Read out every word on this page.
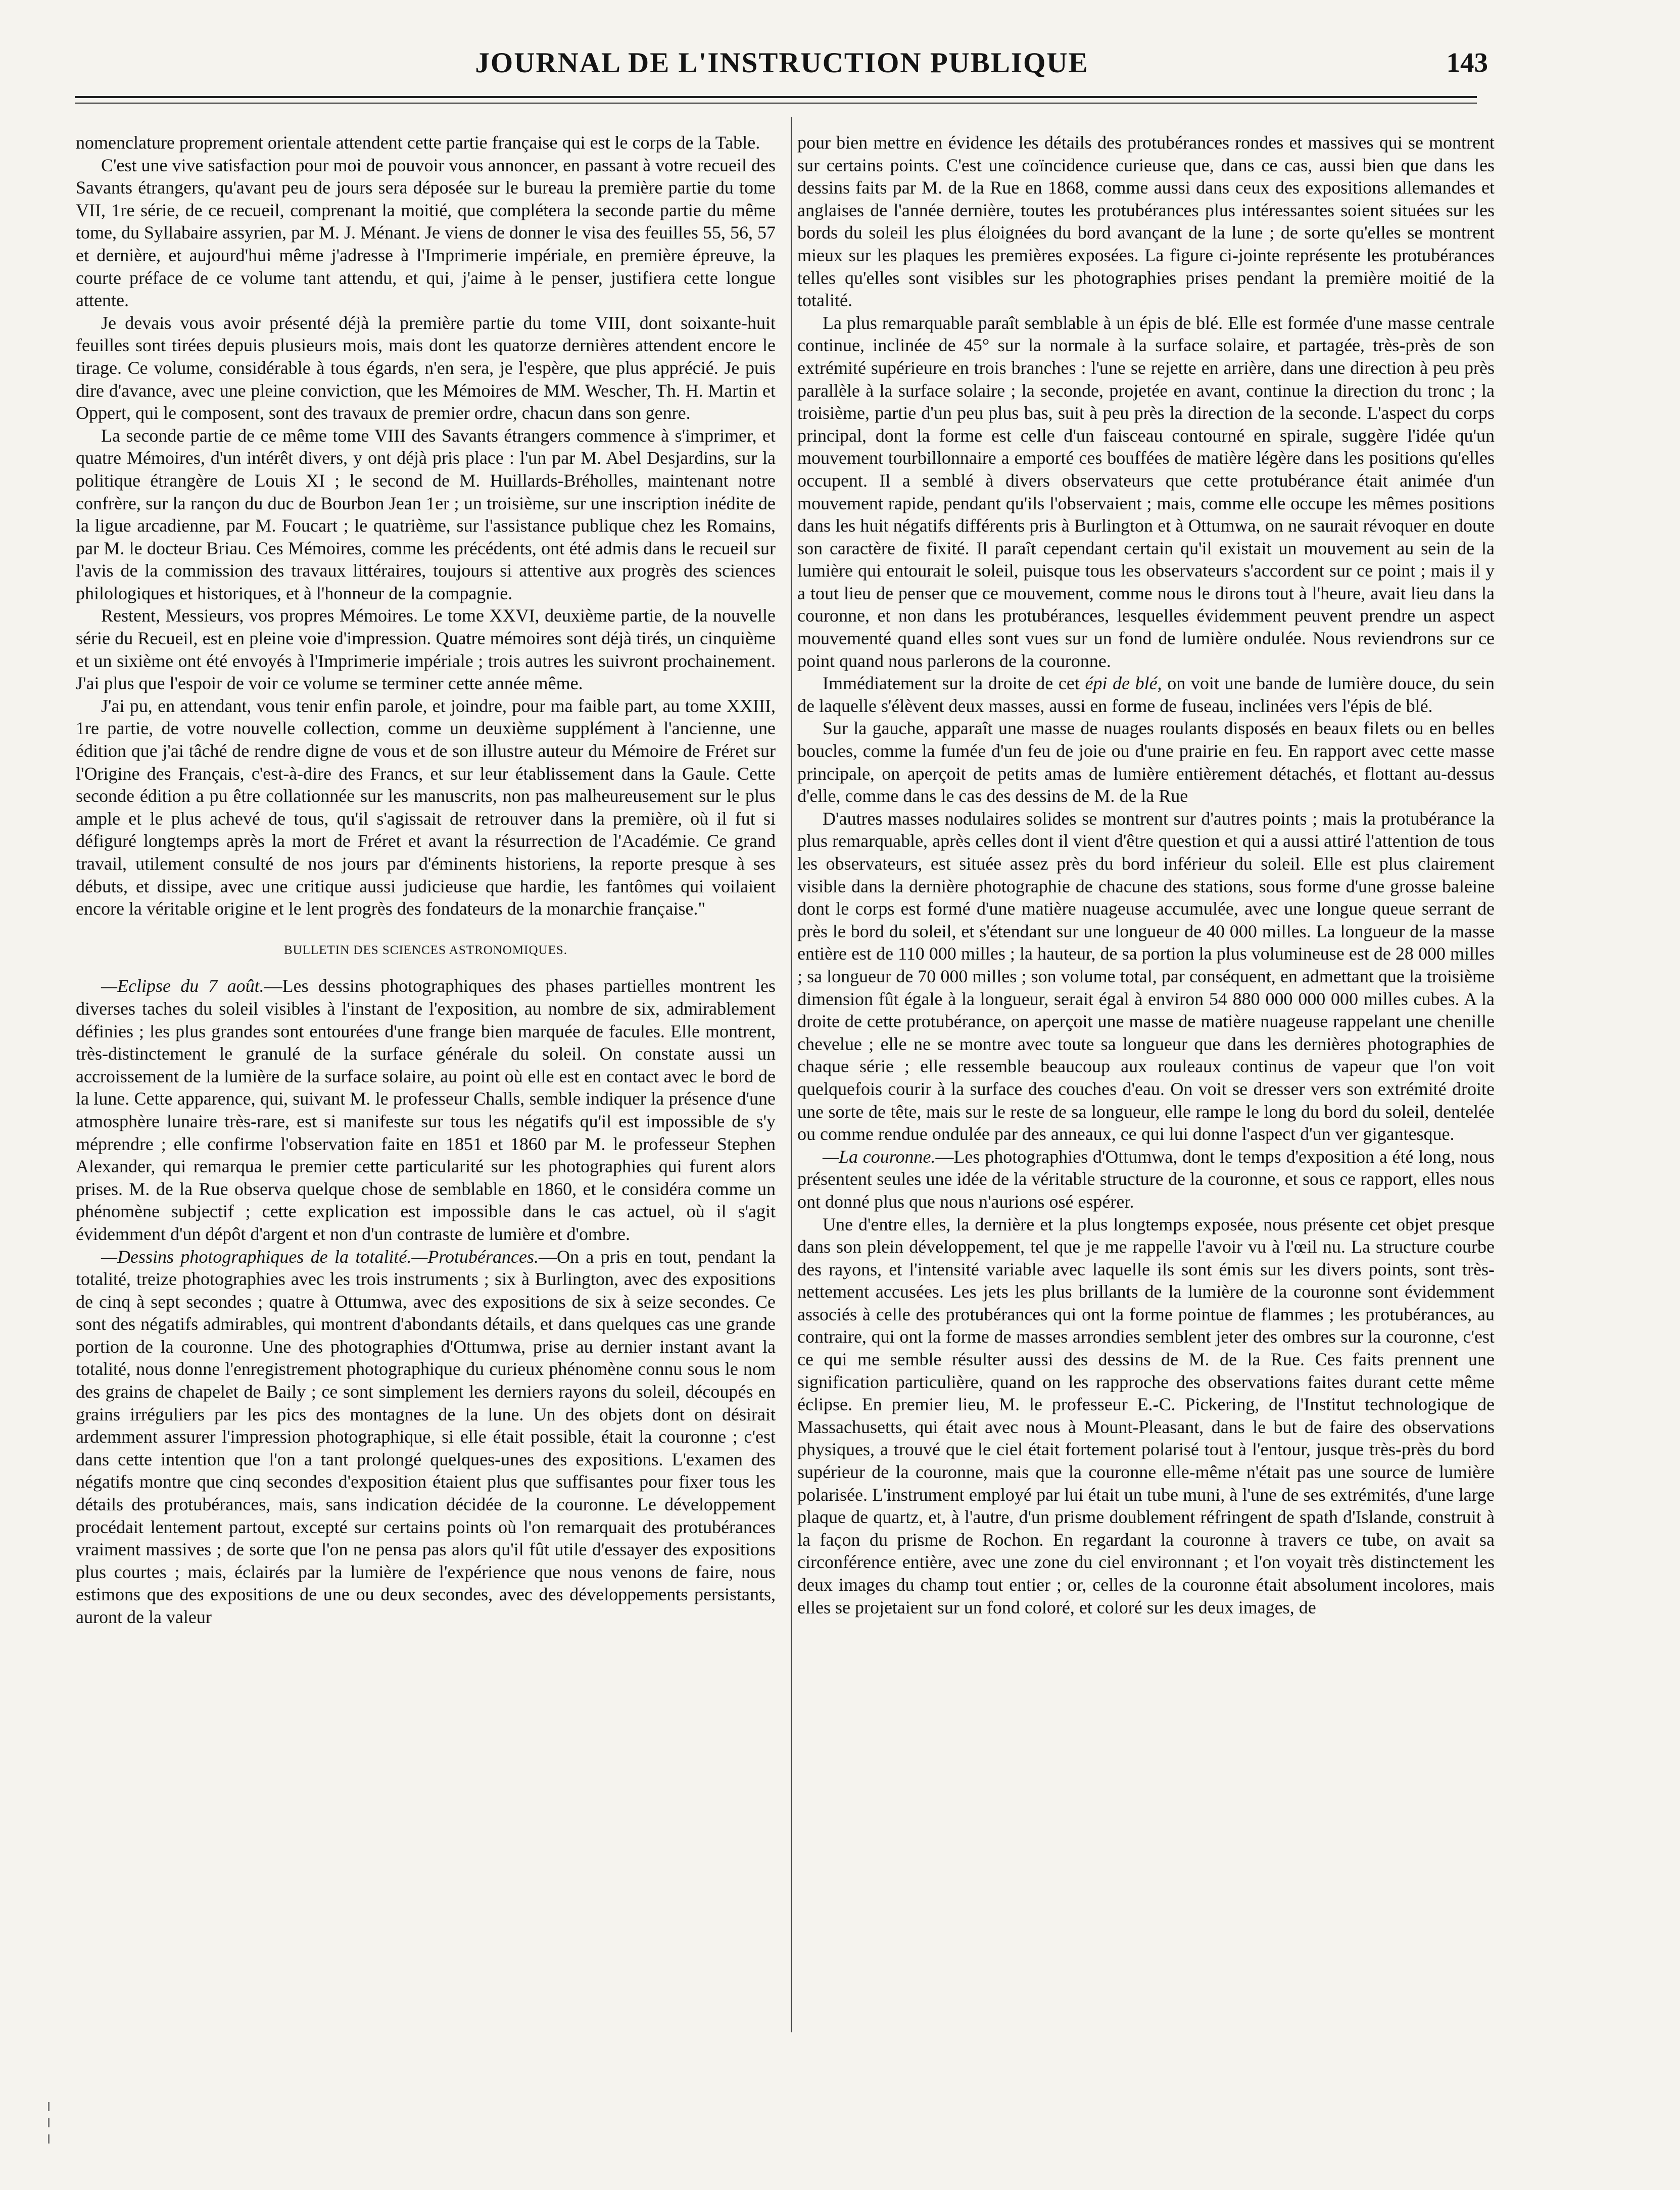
JOURNAL DE L'INSTRUCTION PUBLIQUE	143

nomenclature proprement orientale attendent cette partie française qui est le corps de la Table.

C'est une vive satisfaction pour moi de pouvoir vous annoncer, en passant à votre recueil des Savants étrangers, qu'avant peu de jours sera déposée sur le bureau la première partie du tome VII, 1re série, de ce recueil, comprenant la moitié, que complétera la seconde partie du même tome, du Syllabaire assyrien, par M. J. Ménant. Je viens de donner le visa des feuilles 55, 56, 57 et dernière, et aujourd'hui même j'adresse à l'Imprimerie impériale, en première épreuve, la courte préface de ce volume tant attendu, et qui, j'aime à le penser, justifiera cette longue attente.

Je devais vous avoir présenté déjà la première partie du tome VIII, dont soixante-huit feuilles sont tirées depuis plusieurs mois, mais dont les quatorze dernières attendent encore le tirage. Ce volume, considérable à tous égards, n'en sera, je l'espère, que plus apprécié. Je puis dire d'avance, avec une pleine conviction, que les Mémoires de MM. Wescher, Th. H. Martin et Oppert, qui le composent, sont des travaux de premier ordre, chacun dans son genre.

La seconde partie de ce même tome VIII des Savants étrangers commence à s'imprimer, et quatre Mémoires, d'un intérêt divers, y ont déjà pris place : l'un par M. Abel Desjardins, sur la politique étrangère de Louis XI ; le second de M. Huillards-Bréholles, maintenant notre confrère, sur la rançon du duc de Bourbon Jean 1er ; un troisième, sur une inscription inédite de la ligue arcadienne, par M. Foucart ; le quatrième, sur l'assistance publique chez les Romains, par M. le docteur Briau. Ces Mémoires, comme les précédents, ont été admis dans le recueil sur l'avis de la commission des travaux littéraires, toujours si attentive aux progrès des sciences philologiques et historiques, et à l'honneur de la compagnie.

Restent, Messieurs, vos propres Mémoires. Le tome XXVI, deuxième partie, de la nouvelle série du Recueil, est en pleine voie d'impression. Quatre mémoires sont déjà tirés, un cinquième et un sixième ont été envoyés à l'Imprimerie impériale ; trois autres les suivront prochainement. J'ai plus que l'espoir de voir ce volume se terminer cette année même.

J'ai pu, en attendant, vous tenir enfin parole, et joindre, pour ma faible part, au tome XXIII, 1re partie, de votre nouvelle collection, comme un deuxième supplément à l'ancienne, une édition que j'ai tâché de rendre digne de vous et de son illustre auteur du Mémoire de Fréret sur l'Origine des Français, c'est-à-dire des Francs, et sur leur établissement dans la Gaule. Cette seconde édition a pu être collationnée sur les manuscrits, non pas malheureusement sur le plus ample et le plus achevé de tous, qu'il s'agissait de retrouver dans la première, où il fut si défiguré longtemps après la mort de Fréret et avant la résurrection de l'Académie. Ce grand travail, utilement consulté de nos jours par d'éminents historiens, la reporte presque à ses débuts, et dissipe, avec une critique aussi judicieuse que hardie, les fantômes qui voilaient encore la véritable origine et le lent progrès des fondateurs de la monarchie française."

BULLETIN DES SCIENCES ASTRONOMIQUES.

—Eclipse du 7 août.—Les dessins photographiques des phases partielles montrent les diverses taches du soleil visibles à l'instant de l'exposition, au nombre de six, admirablement définies ; les plus grandes sont entourées d'une frange bien marquée de facules. Elle montrent, très-distinctement le granulé de la surface générale du soleil. On constate aussi un accroissement de la lumière de la surface solaire, au point où elle est en contact avec le bord de la lune. Cette apparence, qui, suivant M. le professeur Challs, semble indiquer la présence d'une atmosphère lunaire très-rare, est si manifeste sur tous les négatifs qu'il est impossible de s'y méprendre ; elle confirme l'observation faite en 1851 et 1860 par M. le professeur Stephen Alexander, qui remarqua le premier cette particularité sur les photographies qui furent alors prises. M. de la Rue observa quelque chose de semblable en 1860, et le considéra comme un phénomène subjectif ; cette explication est impossible dans le cas actuel, où il s'agit évidemment d'un dépôt d'argent et non d'un contraste de lumière et d'ombre.

—Dessins photographiques de la totalité.—Protubérances.—On a pris en tout, pendant la totalité, treize photographies avec les trois instruments ; six à Burlington, avec des expositions de cinq à sept secondes ; quatre à Ottumwa, avec des expositions de six à seize secondes. Ce sont des négatifs admirables, qui montrent d'abondants détails, et dans quelques cas une grande portion de la couronne. Une des photographies d'Ottumwa, prise au dernier instant avant la totalité, nous donne l'enregistrement photographique du curieux phénomène connu sous le nom des grains de chapelet de Baily ; ce sont simplement les derniers rayons du soleil, découpés en grains irréguliers par les pics des montagnes de la lune. Un des objets dont on désirait ardemment assurer l'impression photographique, si elle était possible, était la couronne ; c'est dans cette intention que l'on a tant prolongé quelques-unes des expositions. L'examen des négatifs montre que cinq secondes d'exposition étaient plus que suffisantes pour fixer tous les détails des protubérances, mais, sans indication décidée de la couronne. Le développement procédait lentement partout, excepté sur certains points où l'on remarquait des protubérances vraiment massives ; de sorte que l'on ne pensa pas alors qu'il fût utile d'essayer des expositions plus courtes ; mais, éclairés par la lumière de l'expérience que nous venons de faire, nous estimons que des expositions de une ou deux secondes, avec des développements persistants, auront de la valeur

pour bien mettre en évidence les détails des protubérances rondes et massives qui se montrent sur certains points. C'est une coïncidence curieuse que, dans ce cas, aussi bien que dans les dessins faits par M. de la Rue en 1868, comme aussi dans ceux des expositions allemandes et anglaises de l'année dernière, toutes les protubérances plus intéressantes soient situées sur les bords du soleil les plus éloignées du bord avançant de la lune ; de sorte qu'elles se montrent mieux sur les plaques les premières exposées. La figure ci-jointe représente les protubérances telles qu'elles sont visibles sur les photographies prises pendant la première moitié de la totalité.

La plus remarquable paraît semblable à un épis de blé. Elle est formée d'une masse centrale continue, inclinée de 45° sur la normale à la surface solaire, et partagée, très-près de son extrémité supérieure en trois branches : l'une se rejette en arrière, dans une direction à peu près parallèle à la surface solaire ; la seconde, projetée en avant, continue la direction du tronc ; la troisième, partie d'un peu plus bas, suit à peu près la direction de la seconde. L'aspect du corps principal, dont la forme est celle d'un faisceau contourné en spirale, suggère l'idée qu'un mouvement tourbillonnaire a emporté ces bouffées de matière légère dans les positions qu'elles occupent. Il a semblé à divers observateurs que cette protubérance était animée d'un mouvement rapide, pendant qu'ils l'observaient ; mais, comme elle occupe les mêmes positions dans les huit négatifs différents pris à Burlington et à Ottumwa, on ne saurait révoquer en doute son caractère de fixité. Il paraît cependant certain qu'il existait un mouvement au sein de la lumière qui entourait le soleil, puisque tous les observateurs s'accordent sur ce point ; mais il y a tout lieu de penser que ce mouvement, comme nous le dirons tout à l'heure, avait lieu dans la couronne, et non dans les protubérances, lesquelles évidemment peuvent prendre un aspect mouvementé quand elles sont vues sur un fond de lumière ondulée. Nous reviendrons sur ce point quand nous parlerons de la couronne.

Immédiatement sur la droite de cet épi de blé, on voit une bande de lumière douce, du sein de laquelle s'élèvent deux masses, aussi en forme de fuseau, inclinées vers l'épis de blé.

Sur la gauche, apparaît une masse de nuages roulants disposés en beaux filets ou en belles boucles, comme la fumée d'un feu de joie ou d'une prairie en feu. En rapport avec cette masse principale, on aperçoit de petits amas de lumière entièrement détachés, et flottant au-dessus d'elle, comme dans le cas des dessins de M. de la Rue

D'autres masses nodulaires solides se montrent sur d'autres points ; mais la protubérance la plus remarquable, après celles dont il vient d'être question et qui a aussi attiré l'attention de tous les observateurs, est située assez près du bord inférieur du soleil. Elle est plus clairement visible dans la dernière photographie de chacune des stations, sous forme d'une grosse baleine dont le corps est formé d'une matière nuageuse accumulée, avec une longue queue serrant de près le bord du soleil, et s'étendant sur une longueur de 40 000 milles. La longueur de la masse entière est de 110 000 milles ; la hauteur, de sa portion la plus volumineuse est de 28 000 milles ; sa longueur de 70 000 milles ; son volume total, par conséquent, en admettant que la troisième dimension fût égale à la longueur, serait égal à environ 54 880 000 000 000 milles cubes. A la droite de cette protubérance, on aperçoit une masse de matière nuageuse rappelant une chenille chevelue ; elle ne se montre avec toute sa longueur que dans les dernières photographies de chaque série ; elle ressemble beaucoup aux rouleaux continus de vapeur que l'on voit quelquefois courir à la surface des couches d'eau. On voit se dresser vers son extrémité droite une sorte de tête, mais sur le reste de sa longueur, elle rampe le long du bord du soleil, dentelée ou comme rendue ondulée par des anneaux, ce qui lui donne l'aspect d'un ver gigantesque.

—La couronne.—Les photographies d'Ottumwa, dont le temps d'exposition a été long, nous présentent seules une idée de la véritable structure de la couronne, et sous ce rapport, elles nous ont donné plus que nous n'aurions osé espérer.

Une d'entre elles, la dernière et la plus longtemps exposée, nous présente cet objet presque dans son plein développement, tel que je me rappelle l'avoir vu à l'œil nu. La structure courbe des rayons, et l'intensité variable avec laquelle ils sont émis sur les divers points, sont très-nettement accusées. Les jets les plus brillants de la lumière de la couronne sont évidemment associés à celle des protubérances qui ont la forme pointue de flammes ; les protubérances, au contraire, qui ont la forme de masses arrondies semblent jeter des ombres sur la couronne, c'est ce qui me semble résulter aussi des dessins de M. de la Rue. Ces faits prennent une signification particulière, quand on les rapproche des observations faites durant cette même éclipse. En premier lieu, M. le professeur E.-C. Pickering, de l'Institut technologique de Massachusetts, qui était avec nous à Mount-Pleasant, dans le but de faire des observations physiques, a trouvé que le ciel était fortement polarisé tout à l'entour, jusque très-près du bord supérieur de la couronne, mais que la couronne elle-même n'était pas une source de lumière polarisée. L'instrument employé par lui était un tube muni, à l'une de ses extrémités, d'une large plaque de quartz, et, à l'autre, d'un prisme doublement réfringent de spath d'Islande, construit à la façon du prisme de Rochon. En regardant la couronne à travers ce tube, on avait sa circonférence entière, avec une zone du ciel environnant ; et l'on voyait très distinctement les deux images du champ tout entier ; or, celles de la couronne était absolument incolores, mais elles se projetaient sur un fond coloré, et coloré sur les deux images, de
